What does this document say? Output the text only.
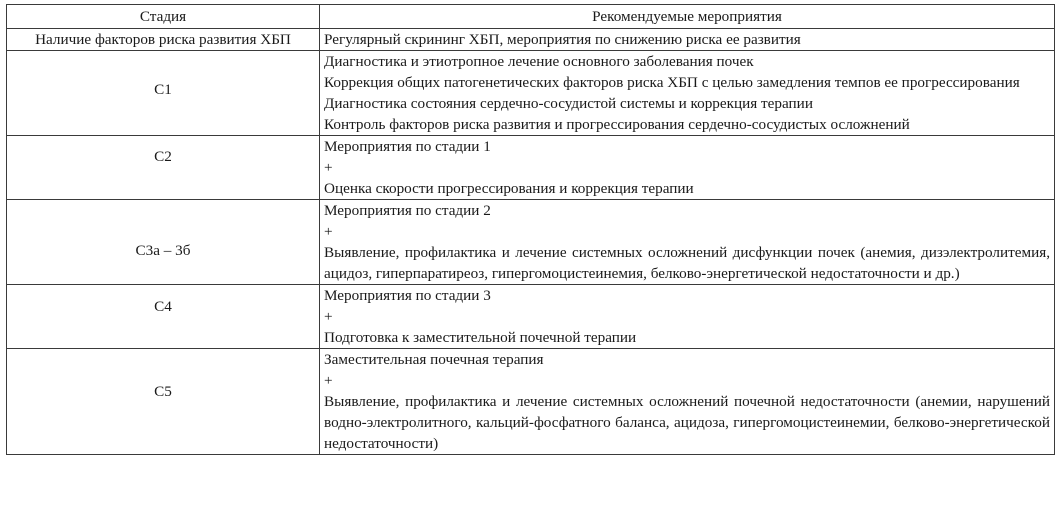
Стадия	Рекомендуемые мероприятия

Наличие факторов риска развития ХБП	Регулярный скрининг ХБП, мероприятия по снижению риска ее развития

С1	Диагностика и этиотропное лечение основного заболевания почек
Коррекция общих патогенетических факторов риска ХБП с целью замедления темпов ее прогрессирования
Диагностика состояния сердечно-сосудистой системы и коррекция терапии
Контроль факторов риска развития и прогрессирования сердечно-сосудистых осложнений

С2	Мероприятия по стадии 1
+
Оценка скорости прогрессирования и коррекция терапии

С3а – 3б	Мероприятия по стадии 2
+
Выявление, профилактика и лечение системных осложнений дисфункции почек (анемия, дизэлектролитемия, ацидоз, гиперпаратиреоз, гипергомоцистеинемия, белково-энергетической недостаточности и др.)

С4	Мероприятия по стадии 3
+
Подготовка к заместительной почечной терапии

С5	Заместительная почечная терапия
+
Выявление, профилактика и лечение системных осложнений почечной недостаточности (анемии, нарушений водно-электролитного, кальций-фосфатного баланса, ацидоза, гипергомоцистеинемии, белково-энергетической недостаточности)
